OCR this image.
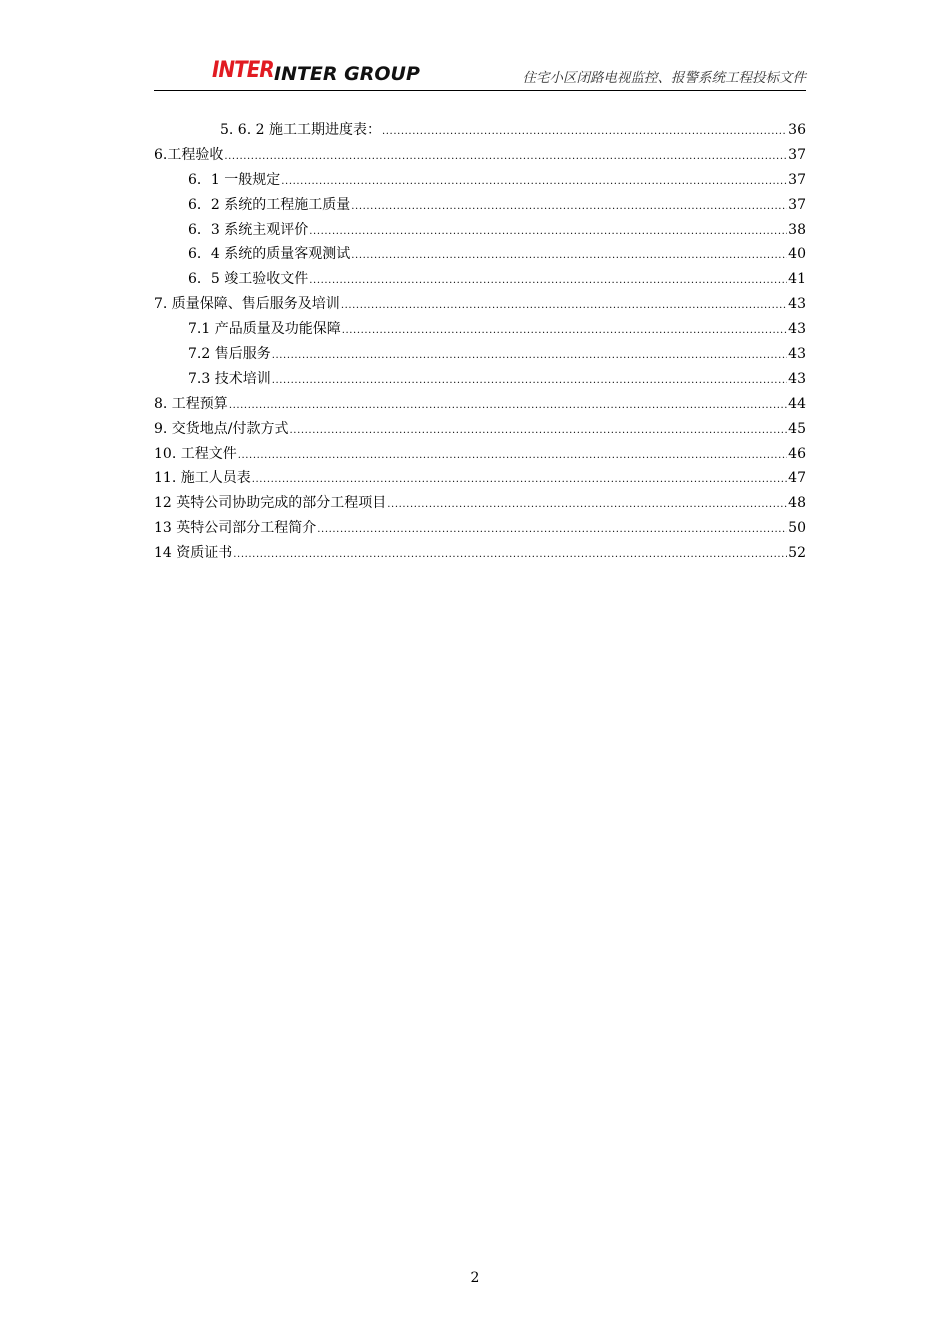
INTER INTER GROUP	住宅小区闭路电视监控、报警系统工程投标文件
5. 6. 2 施工工期进度表： .....	36
6.工程验收 .....	37
6．1 一般规定 .....	37
6．2 系统的工程施工质量 .....	37
6．3 系统主观评价 .....	38
6．4 系统的质量客观测试 .....	40
6．5 竣工验收文件 .....	41
7. 质量保障、售后服务及培训 .....	43
7.1 产品质量及功能保障 .....	43
7.2 售后服务 .....	43
7.3 技术培训 .....	43
8. 工程预算 .....	44
9. 交货地点/付款方式 .....	45
10. 工程文件 .....	46
11. 施工人员表 .....	47
12 英特公司协助完成的部分工程项目 .....	48
13 英特公司部分工程简介 .....	50
14 资质证书 .....	52
2
